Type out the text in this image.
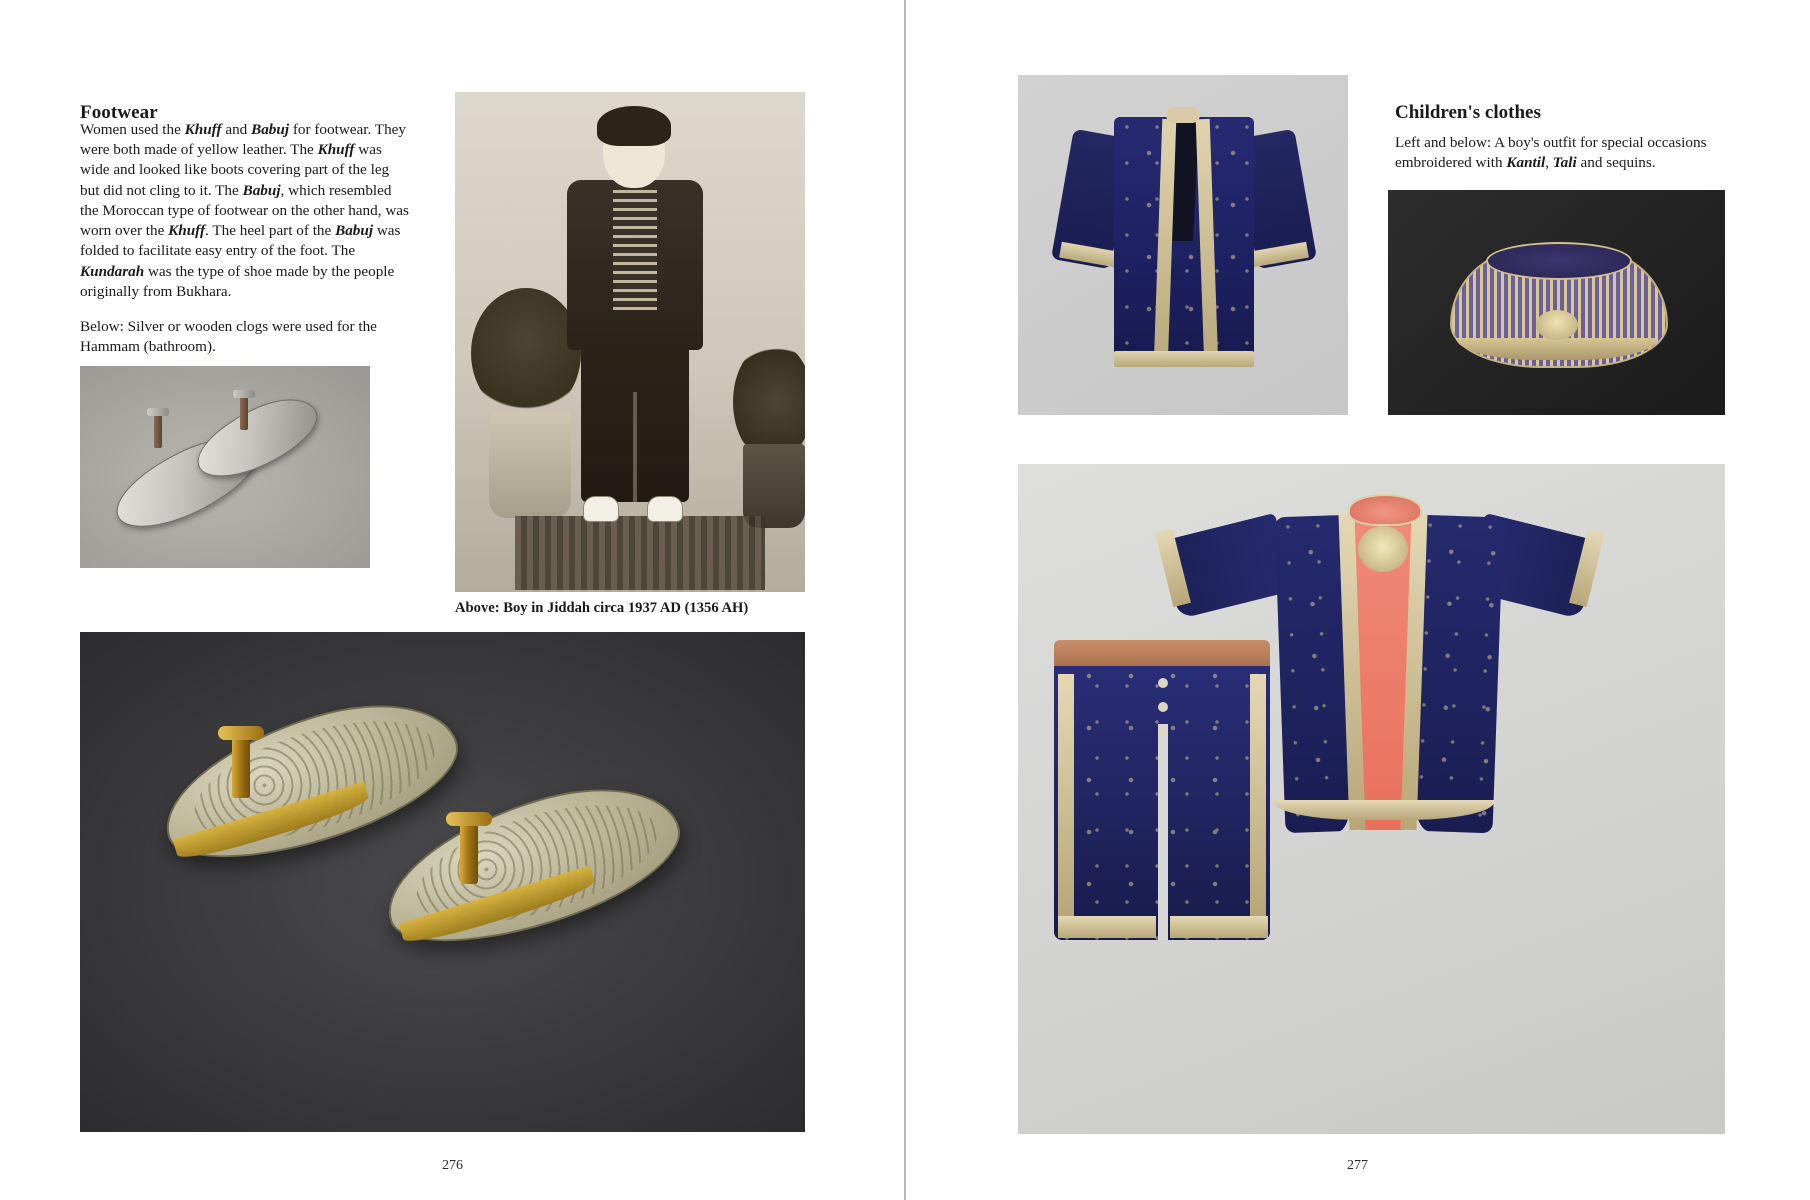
Footwear

Women used the Khuff and Babuj for footwear. They were both made of yellow leather. The Khuff was wide and looked like boots covering part of the leg but did not cling to it. The Babuj, which resembled the Moroccan type of footwear on the other hand, was worn over the Khuff. The heel part of the Babuj was folded to facilitate easy entry of the foot. The Kundarah was the type of shoe made by the people originally from Bukhara.

Below: Silver or wooden clogs were used for the Hammam (bathroom).

Above: Boy in Jiddah circa 1937 AD (1356 AH)
276
Children's clothes

Left and below: A boy's outfit for special occasions embroidered with Kantil, Tali and sequins.

277
